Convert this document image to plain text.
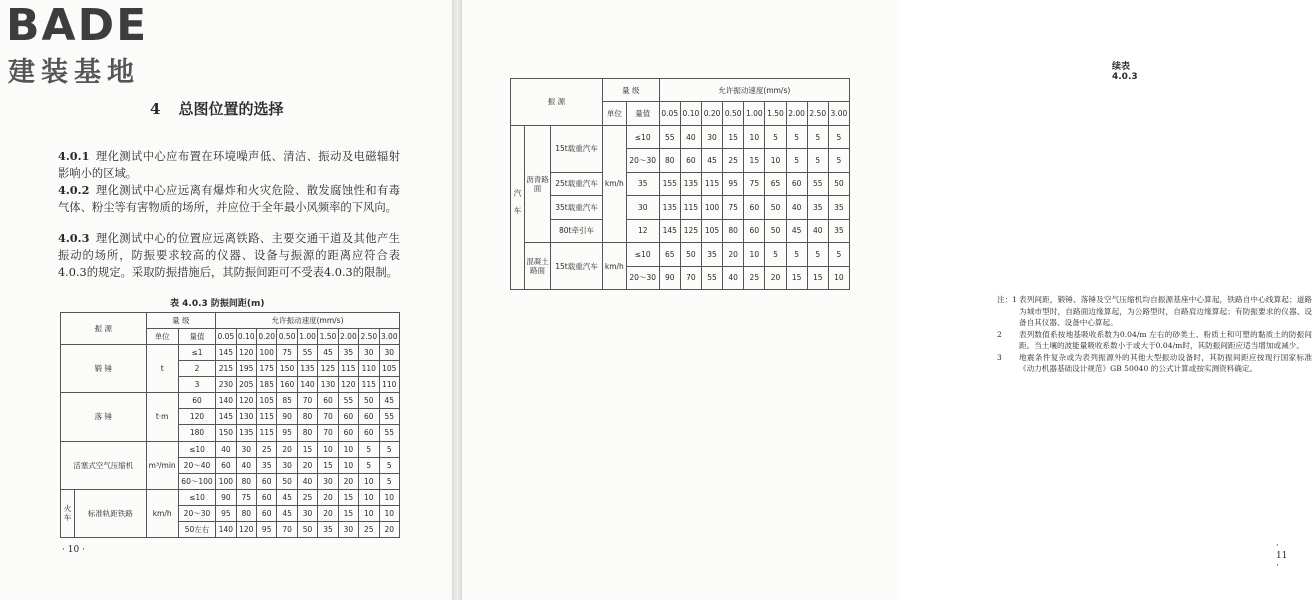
BADE
建装基地
4 总图位置的选择
4.0.1 理化测试中心应布置在环境噪声低、清洁、振动及电磁辐射影响小的区域。
4.0.2 理化测试中心应远离有爆炸和火灾危险、散发腐蚀性和有毒气体、粉尘等有害物质的场所，并应位于全年最小风频率的下风向。
4.0.3 理化测试中心的位置应远离铁路、主要交通干道及其他产生振动的场所，防振要求较高的仪器、设备与振源的距离应符合表4.0.3的规定。采取防振措施后，其防振间距可不受表4.0.3的限制。
表 4.0.3 防振间距(m)
振 源		量 级		允许振动速度(mm/s)								
		单位	量值	0.05	0.10	0.20	0.50	1.00	1.50	2.00	2.50	3.00
锻 锤		t	≤1	145	120	100	75	55	45	35	30	30
			2	215	195	175	150	135	125	115	110	105
			3	230	205	185	160	140	130	120	115	110
落 锤		t·m	60	140	120	105	85	70	60	55	50	45
			120	145	130	115	90	80	70	60	60	55
			180	150	135	115	95	80	70	60	60	55
活塞式空气压缩机		m³/min	≤10	40	30	25	20	15	10	10	5	5
			20～40	60	40	35	30	20	15	10	5	5
			60～100	100	80	60	50	40	30	20	10	5
火车	标准轨距铁路	km/h	≤10	90	75	60	45	25	20	15	10	10
			20～30	95	80	60	45	30	20	15	10	10
			50左右	140	120	95	70	50	35	30	25	20
· 10 ·
续表 4.0.3
注：1 表列间距，锻锤、落锤及空气压缩机均自振源基座中心算起，铁路自中心线算起；道路为城市型时，自路面边缘算起，为公路型时，自路肩边缘算起；有防振要求的仪器、设备自其仪器、设备中心算起。
2 表列数值系按地基吸收系数为0.04/m 左右的砂类土、粉质土和可塑的黏质土的防振间距。当土壤的波能量吸收系数小于或大于0.04/m时，其防振间距应适当增加或减少。
3 地震条件复杂或为表列振源外的其他大型振动设备时，其防振间距应按现行国家标准《动力机器基础设计规范》GB 50040 的公式计算或按实测资料确定。
· 11 ·
振 源			量 级		允许振动速度(mm/s)								
			单位	量值	0.05	0.10	0.20	0.50	1.00	1.50	2.00	2.50	3.00
汽车	沥青路面	15t载重汽车	km/h	≤10	55	40	30	15	10	5	5	5	5
				20～30	80	60	45	25	15	10	5	5	5
		25t载重汽车		35	155	135	115	95	75	65	60	55	50
		35t载重汽车		30	135	115	100	75	60	50	40	35	35
		80t牵引车		12	145	125	105	80	60	50	45	40	35
	混凝土路面	15t载重汽车	km/h	≤10	65	50	35	20	10	5	5	5	5
				20～30	90	70	55	40	25	20	15	15	10
